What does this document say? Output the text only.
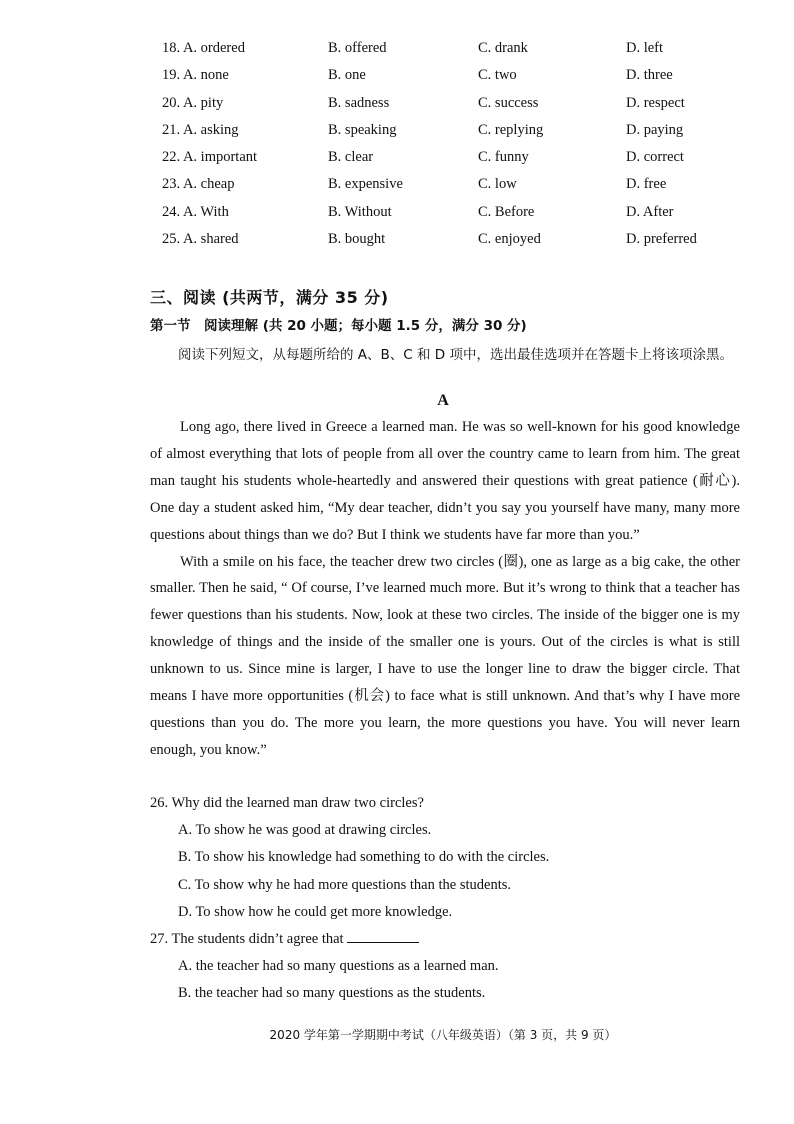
18. A. ordered	B. offered	C. drank	D. left
19. A. none	B. one	C. two	D. three
20. A. pity	B. sadness	C. success	D. respect
21. A. asking	B. speaking	C. replying	D. paying
22. A. important	B. clear	C. funny	D. correct
23. A. cheap	B. expensive	C. low	D. free
24. A. With	B. Without	C. Before	D. After
25. A. shared	B. bought	C. enjoyed	D. preferred
三、阅读 (共两节，满分 35 分)
第一节　阅读理解 (共 20 小题；每小题 1.5 分，满分 30 分)
阅读下列短文，从每题所给的 A、B、C 和 D 项中，选出最佳选项并在答题卡上将该项涂黑。
A

Long ago, there lived in Greece a learned man. He was so well-known for his good knowledge of almost everything that lots of people from all over the country came to learn from him. The great man taught his students whole-heartedly and answered their questions with great patience (耐心). One day a student asked him, “My dear teacher, didn’t you say you yourself have many, many more questions about things than we do? But I think we students have far more than you.”

With a smile on his face, the teacher drew two circles (圈), one as large as a big cake, the other smaller. Then he said, “ Of course, I’ve learned much more. But it’s wrong to think that a teacher has fewer questions than his students. Now, look at these two circles. The inside of the bigger one is my knowledge of things and the inside of the smaller one is yours. Out of the circles is what is still unknown to us. Since mine is larger, I have to use the longer line to draw the bigger circle. That means I have more opportunities (机会) to face what is still unknown. And that’s why I have more questions than you do. The more you learn, the more questions you have. You will never learn enough, you know.”

26. Why did the learned man draw two circles?

A. To show he was good at drawing circles.

B. To show his knowledge had something to do with the circles.

C. To show why he had more questions than the students.

D. To show how he could get more knowledge.

27. The students didn’t agree that

A. the teacher had so many questions as a learned man.

B. the teacher had so many questions as the students.

2020 学年第一学期期中考试（八年级英语）（第 3 页，共 9 页）
